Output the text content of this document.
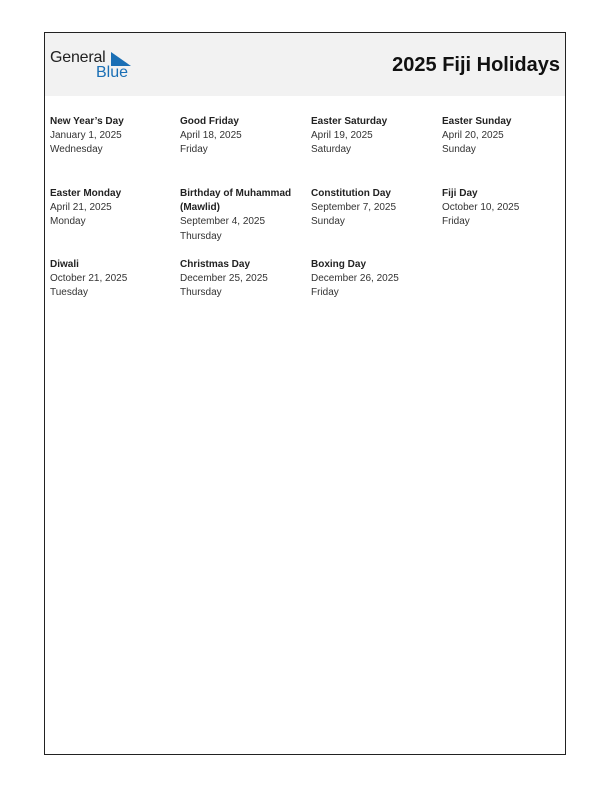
General
Blue	2025 Fiji Holidays
New Year’s Day
January 1, 2025
Wednesday
Good Friday
April 18, 2025
Friday
Easter Saturday
April 19, 2025
Saturday
Easter Sunday
April 20, 2025
Sunday
Easter Monday
April 21, 2025
Monday
Birthday of Muhammad (Mawlid)
September 4, 2025
Thursday
Constitution Day
September 7, 2025
Sunday
Fiji Day
October 10, 2025
Friday
Diwali
October 21, 2025
Tuesday
Christmas Day
December 25, 2025
Thursday
Boxing Day
December 26, 2025
Friday
